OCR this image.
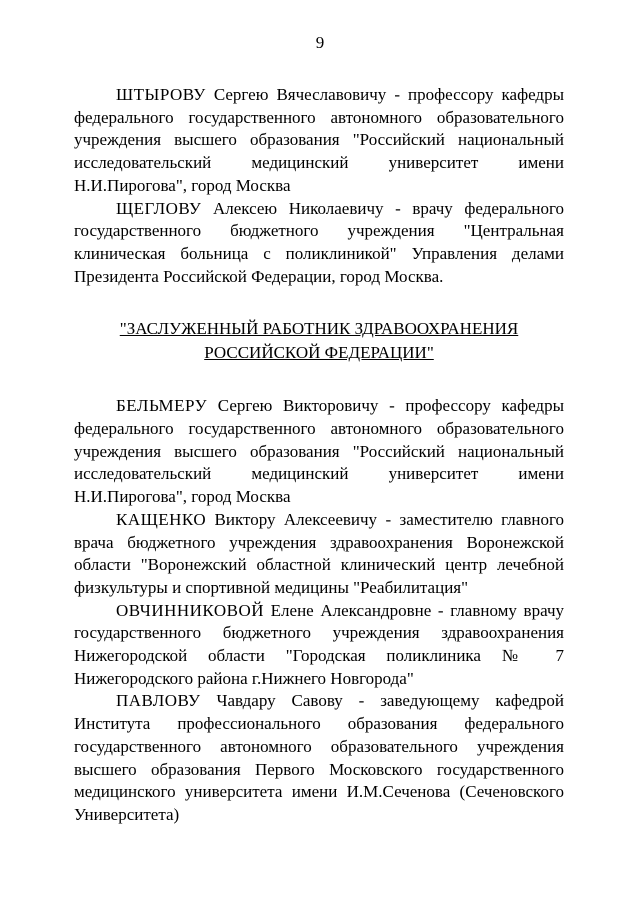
9

ШТЫРОВУ Сергею Вячеславовичу - профессору кафедры федерального государственного автономного образовательного учреждения высшего образования "Российский национальный исследовательский медицинский университет имени Н.И.Пирогова", город Москва

ЩЕГЛОВУ Алексею Николаевичу - врачу федерального государственного бюджетного учреждения "Центральная клиническая больница с поликлиникой" Управления делами Президента Российской Федерации, город Москва.

"ЗАСЛУЖЕННЫЙ РАБОТНИК ЗДРАВООХРАНЕНИЯ
РОССИЙСКОЙ ФЕДЕРАЦИИ"

БЕЛЬМЕРУ Сергею Викторовичу - профессору кафедры федерального государственного автономного образовательного учреждения высшего образования "Российский национальный исследовательский медицинский университет имени Н.И.Пирогова", город Москва

КАЩЕНКО Виктору Алексеевичу - заместителю главного врача бюджетного учреждения здравоохранения Воронежской области "Воронежский областной клинический центр лечебной физкультуры и спортивной медицины "Реабилитация"

ОВЧИННИКОВОЙ Елене Александровне - главному врачу государственного бюджетного учреждения здравоохранения Нижегородской области "Городская поликлиника № 7 Нижегородского района г.Нижнего Новгорода"

ПАВЛОВУ Чавдару Савову - заведующему кафедрой Института профессионального образования федерального государственного автономного образовательного учреждения высшего образования Первого Московского государственного медицинского университета имени И.М.Сеченова (Сеченовского Университета)
